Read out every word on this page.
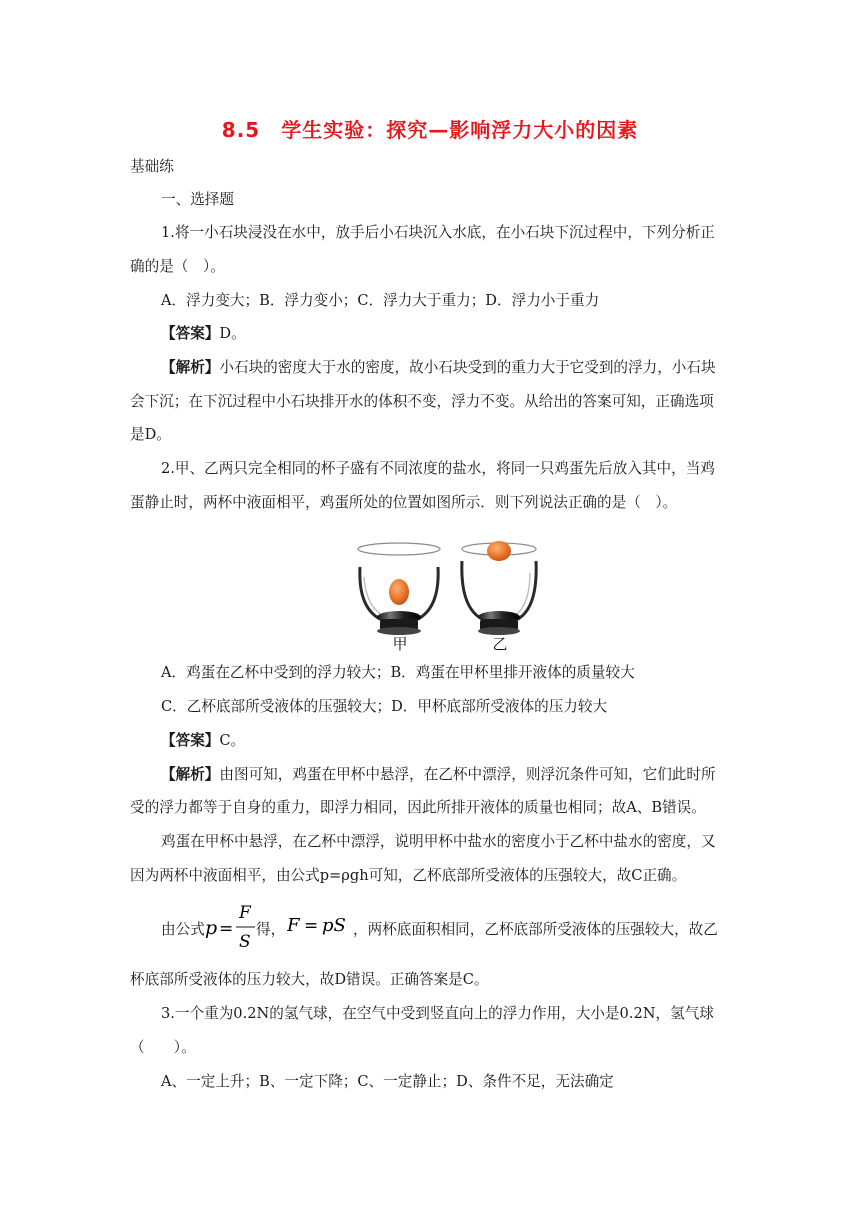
8.5　学生实验：探究—影响浮力大小的因素
基础练
一、选择题
1.将一小石块浸没在水中，放手后小石块沉入水底，在小石块下沉过程中，下列分析正
确的是（　）。
A．浮力变大；B．浮力变小；C．浮力大于重力；D．浮力小于重力
【答案】D。
【解析】小石块的密度大于水的密度，故小石块受到的重力大于它受到的浮力，小石块
会下沉；在下沉过程中小石块排开水的体积不变，浮力不变。从给出的答案可知，正确选项
是D。
2.甲、乙两只完全相同的杯子盛有不同浓度的盐水，将同一只鸡蛋先后放入其中，当鸡
蛋静止时，两杯中液面相平，鸡蛋所处的位置如图所示．则下列说法正确的是（　）。
甲	乙
A．鸡蛋在乙杯中受到的浮力较大；B．鸡蛋在甲杯里排开液体的质量较大
C．乙杯底部所受液体的压强较大；D．甲杯底部所受液体的压力较大
【答案】C。
【解析】由图可知，鸡蛋在甲杯中悬浮，在乙杯中漂浮，则浮沉条件可知，它们此时所
受的浮力都等于自身的重力，即浮力相同，因此所排开液体的质量也相同；故A、B错误。
鸡蛋在甲杯中悬浮，在乙杯中漂浮，说明甲杯中盐水的密度小于乙杯中盐水的密度，又
因为两杯中液面相平，由公式p=ρgh可知，乙杯底部所受液体的压强较大，故C正确。
由公式 p =
F
S
得， F = pS ，两杯底面积相同，乙杯底部所受液体的压强较大，故乙
杯底部所受液体的压力较大，故D错误。正确答案是C。
3.一个重为0.2N的氢气球，在空气中受到竖直向上的浮力作用，大小是0.2N，氢气球
（　　）。
A、一定上升；B、一定下降；C、一定静止；D、条件不足，无法确定
